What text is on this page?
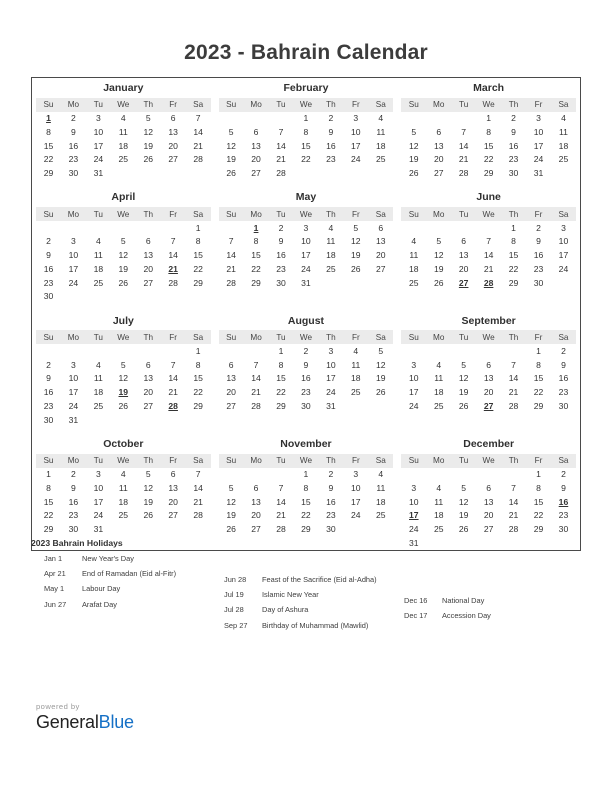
2023 - Bahrain Calendar
January
Su	Mo	Tu	We	Th	Fr	Sa
1	2	3	4	5	6	7
8	9	10	11	12	13	14
15	16	17	18	19	20	21
22	23	24	25	26	27	28
29	30	31				
February
Su	Mo	Tu	We	Th	Fr	Sa
			1	2	3	4
5	6	7	8	9	10	11
12	13	14	15	16	17	18
19	20	21	22	23	24	25
26	27	28				
March
Su	Mo	Tu	We	Th	Fr	Sa
			1	2	3	4
5	6	7	8	9	10	11
12	13	14	15	16	17	18
19	20	21	22	23	24	25
26	27	28	29	30	31	
April
Su	Mo	Tu	We	Th	Fr	Sa
						1
2	3	4	5	6	7	8
9	10	11	12	13	14	15
16	17	18	19	20	21	22
23	24	25	26	27	28	29
30						
May
Su	Mo	Tu	We	Th	Fr	Sa
	1	2	3	4	5	6
7	8	9	10	11	12	13
14	15	16	17	18	19	20
21	22	23	24	25	26	27
28	29	30	31			
June
Su	Mo	Tu	We	Th	Fr	Sa
				1	2	3
4	5	6	7	8	9	10
11	12	13	14	15	16	17
18	19	20	21	22	23	24
25	26	27	28	29	30	
July
Su	Mo	Tu	We	Th	Fr	Sa
						1
2	3	4	5	6	7	8
9	10	11	12	13	14	15
16	17	18	19	20	21	22
23	24	25	26	27	28	29
30	31					
August
Su	Mo	Tu	We	Th	Fr	Sa
		1	2	3	4	5
6	7	8	9	10	11	12
13	14	15	16	17	18	19
20	21	22	23	24	25	26
27	28	29	30	31		
September
Su	Mo	Tu	We	Th	Fr	Sa
					1	2
3	4	5	6	7	8	9
10	11	12	13	14	15	16
17	18	19	20	21	22	23
24	25	26	27	28	29	30
October
Su	Mo	Tu	We	Th	Fr	Sa
1	2	3	4	5	6	7
8	9	10	11	12	13	14
15	16	17	18	19	20	21
22	23	24	25	26	27	28
29	30	31				
November
Su	Mo	Tu	We	Th	Fr	Sa
			1	2	3	4
5	6	7	8	9	10	11
12	13	14	15	16	17	18
19	20	21	22	23	24	25
26	27	28	29	30		
December
Su	Mo	Tu	We	Th	Fr	Sa
					1	2
3	4	5	6	7	8	9
10	11	12	13	14	15	16
17	18	19	20	21	22	23
24	25	26	27	28	29	30
31						
2023 Bahrain Holidays
Jan 1	New Year's Day
Apr 21	End of Ramadan (Eid al-Fitr)
May 1	Labour Day
Jun 27	Arafat Day
Jun 28	Feast of the Sacrifice (Eid al-Adha)
Jul 19	Islamic New Year
Jul 28	Day of Ashura
Sep 27	Birthday of Muhammad (Mawlid)
Dec 16	National Day
Dec 17	Accession Day
powered by
GeneralBlue
